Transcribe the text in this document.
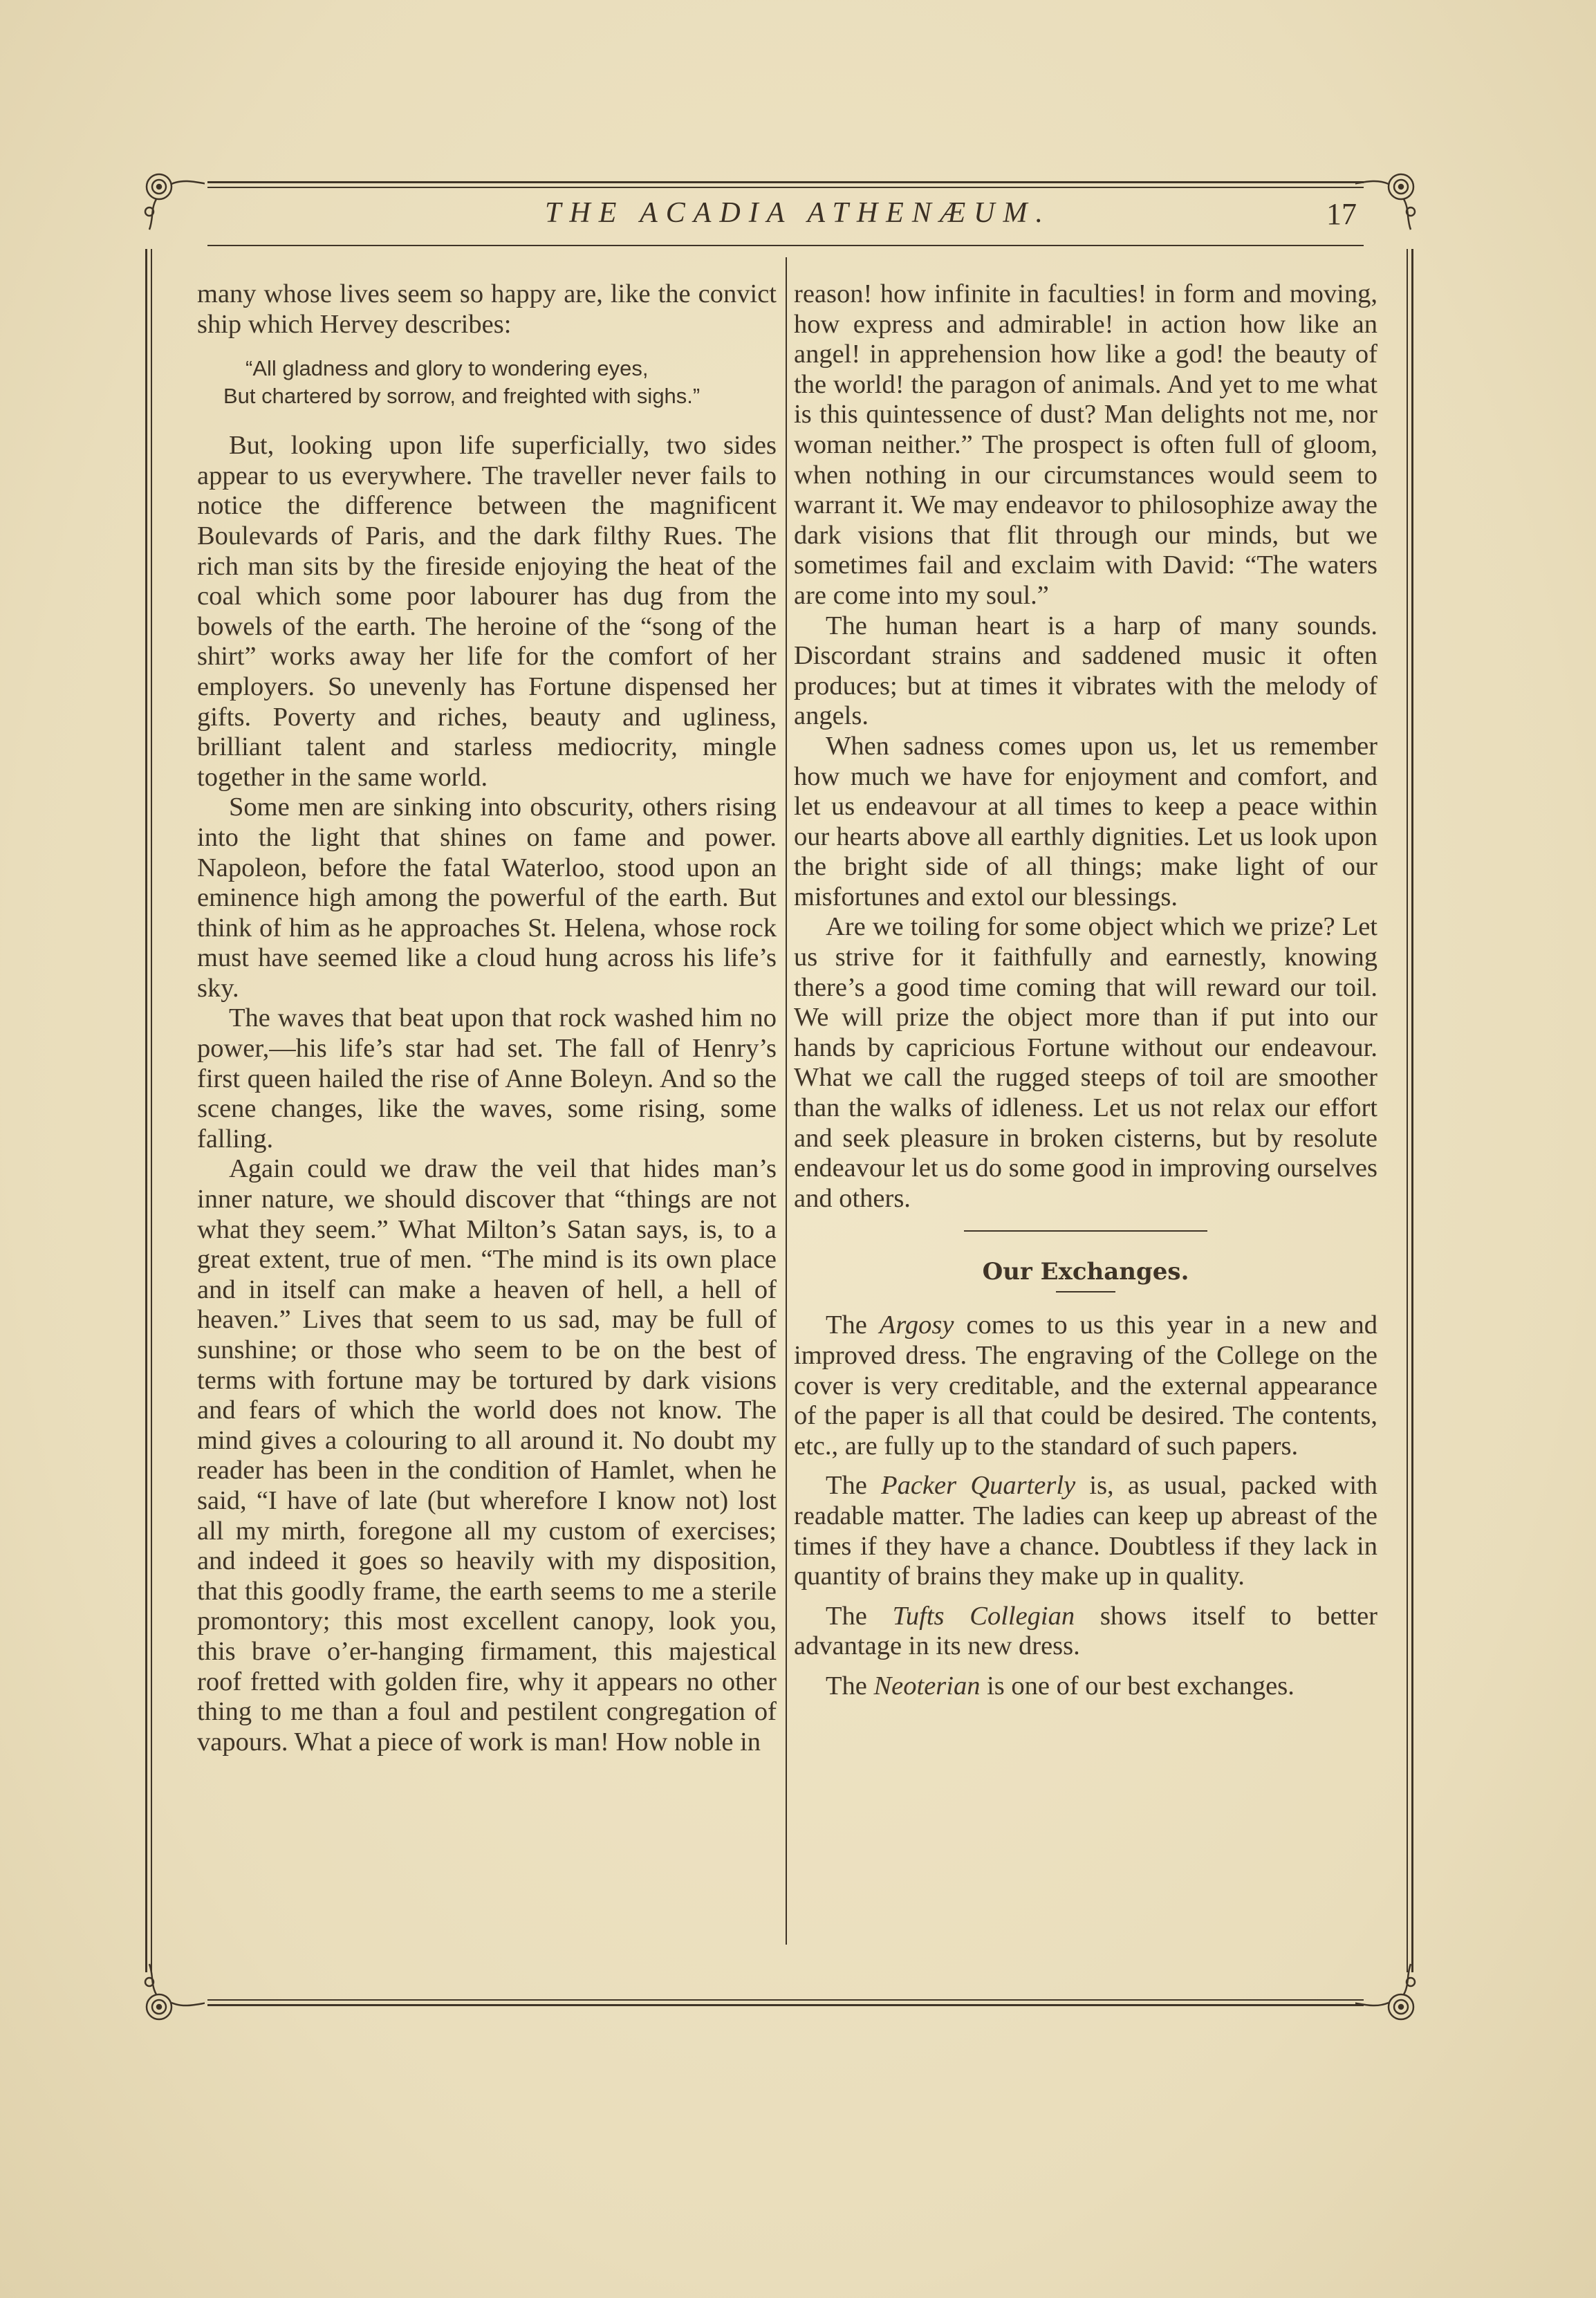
THE ACADIA ATHENÆUM.	17

many whose lives seem so happy are, like the convict ship which Hervey describes:

“All gladness and glory to wondering eyes,
But chartered by sorrow, and freighted with sighs.”

But, looking upon life superficially, two sides appear to us everywhere. The traveller never fails to notice the difference between the magnificent Boulevards of Paris, and the dark filthy Rues. The rich man sits by the fireside enjoying the heat of the coal which some poor labourer has dug from the bowels of the earth. The heroine of the “song of the shirt” works away her life for the comfort of her employers. So unevenly has Fortune dispensed her gifts. Poverty and riches, beauty and ugliness, brilliant talent and starless mediocrity, mingle together in the same world.

Some men are sinking into obscurity, others rising into the light that shines on fame and power. Napoleon, before the fatal Waterloo, stood upon an eminence high among the powerful of the earth. But think of him as he approaches St. Helena, whose rock must have seemed like a cloud hung across his life’s sky.

The waves that beat upon that rock washed him no power,—his life’s star had set. The fall of Henry’s first queen hailed the rise of Anne Boleyn. And so the scene changes, like the waves, some rising, some falling.

Again could we draw the veil that hides man’s inner nature, we should discover that “things are not what they seem.” What Milton’s Satan says, is, to a great extent, true of men. “The mind is its own place and in itself can make a heaven of hell, a hell of heaven.” Lives that seem to us sad, may be full of sunshine; or those who seem to be on the best of terms with fortune may be tortured by dark visions and fears of which the world does not know. The mind gives a colouring to all around it. No doubt my reader has been in the condition of Hamlet, when he said, “I have of late (but wherefore I know not) lost all my mirth, foregone all my custom of exercises; and indeed it goes so heavily with my disposition, that this goodly frame, the earth seems to me a sterile promontory; this most excellent canopy, look you, this brave o’er-hanging firmament, this majestical roof fretted with golden fire, why it appears no other thing to me than a foul and pestilent congregation of vapours. What a piece of work is man! How noble in

reason! how infinite in faculties! in form and moving, how express and admirable! in action how like an angel! in apprehension how like a god! the beauty of the world! the paragon of animals. And yet to me what is this quintessence of dust? Man delights not me, nor woman neither.” The prospect is often full of gloom, when nothing in our circumstances would seem to warrant it. We may endeavor to philosophize away the dark visions that flit through our minds, but we sometimes fail and exclaim with David: “The waters are come into my soul.”

The human heart is a harp of many sounds. Discordant strains and saddened music it often produces; but at times it vibrates with the melody of angels.

When sadness comes upon us, let us remember how much we have for enjoyment and comfort, and let us endeavour at all times to keep a peace within our hearts above all earthly dignities. Let us look upon the bright side of all things; make light of our misfortunes and extol our blessings.

Are we toiling for some object which we prize? Let us strive for it faithfully and earnestly, knowing there’s a good time coming that will reward our toil. We will prize the object more than if put into our hands by capricious Fortune without our endeavour. What we call the rugged steeps of toil are smoother than the walks of idleness. Let us not relax our effort and seek pleasure in broken cisterns, but by resolute endeavour let us do some good in improving ourselves and others.

Our Exchanges.

The Argosy comes to us this year in a new and improved dress. The engraving of the College on the cover is very creditable, and the external appearance of the paper is all that could be desired. The contents, etc., are fully up to the standard of such papers.

The Packer Quarterly is, as usual, packed with readable matter. The ladies can keep up abreast of the times if they have a chance. Doubtless if they lack in quantity of brains they make up in quality.

The Tufts Collegian shows itself to better advantage in its new dress.

The Neoterian is one of our best exchanges.
